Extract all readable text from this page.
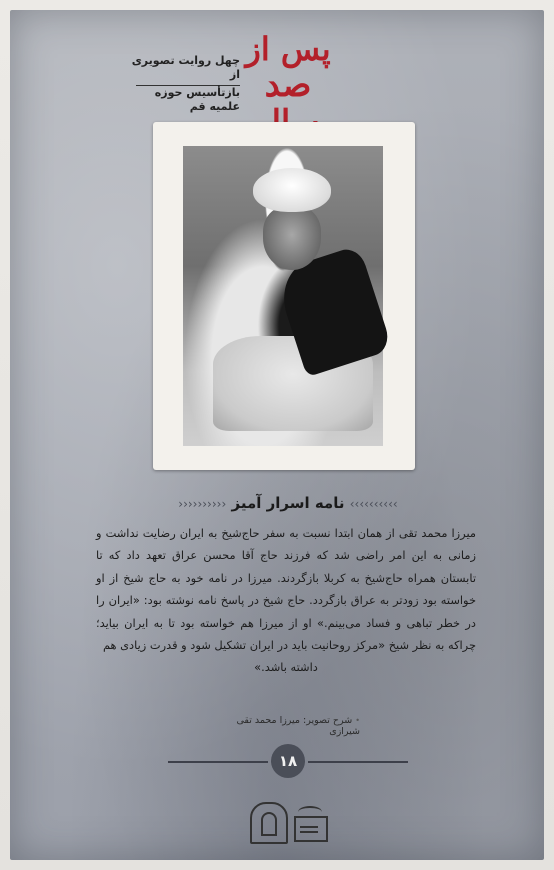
پس از
صد
چهل روایت تصویری از
بازتأسیس حوزه علمیه قم
›››››››››› نامه اسرار آمیز ‹‹‹‹‹‹‹‹‹‹

میرزا محمد تقی از همان ابتدا نسبت به سفر حاج‌شیخ به ایران رضایت نداشت و زمانی به این امر راضی شد که فرزند حاج آقا محسن عراق تعهد داد که تا تابستان همراه حاج‌شیخ به کربلا بازگردند. میرزا در نامه خود به حاج شیخ از او خواسته بود زودتر به عراق بازگردد. حاج شیخ در پاسخ نامه نوشته بود: «ایران را در خطر تباهی و فساد می‌بینم.» او از میرزا هم خواسته بود تا به ایران بیاید؛ چراکه به نظر شیخ «مرکز روحانیت باید در ایران تشکیل شود و قدرت زیادی هم

داشته باشد.»

• شرح تصویر: میرزا محمد تقی شیرازی
۱۸
